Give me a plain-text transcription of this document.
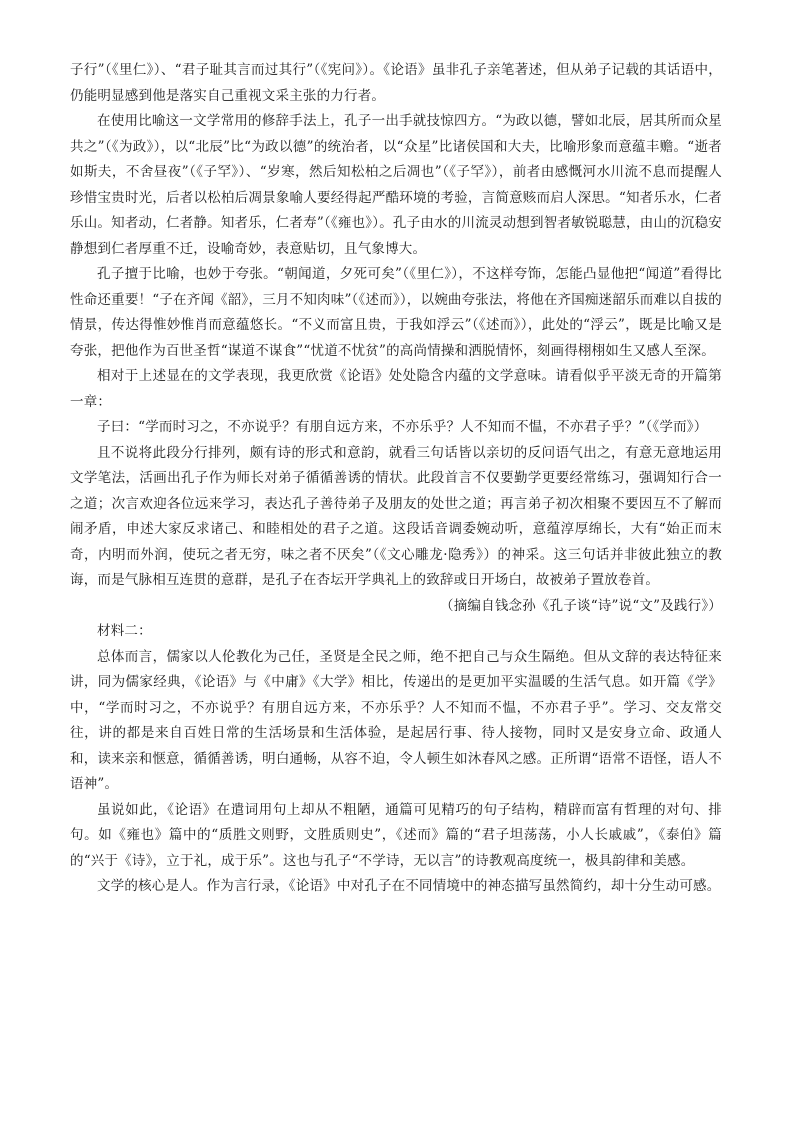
子行”（《里仁》）、“君子耻其言而过其行”（《宪问》）。《论语》虽非孔子亲笔著述，但从弟子记载的其话语中，仍能明显感到他是落实自己重视文采主张的力行者。

在使用比喻这一文学常用的修辞手法上，孔子一出手就技惊四方。“为政以德，譬如北辰，居其所而众星共之”（《为政》），以“北辰”比“为政以德”的统治者，以“众星”比诸侯国和大夫，比喻形象而意蕴丰赡。“逝者如斯夫，不舍昼夜”（《子罕》）、“岁寒，然后知松柏之后凋也”（《子罕》），前者由感慨河水川流不息而提醒人珍惜宝贵时光，后者以松柏后凋景象喻人要经得起严酷环境的考验，言简意赅而启人深思。“知者乐水，仁者乐山。知者动，仁者静。知者乐，仁者寿”（《雍也》）。孔子由水的川流灵动想到智者敏锐聪慧，由山的沉稳安静想到仁者厚重不迁，设喻奇妙，表意贴切，且气象博大。

孔子擅于比喻，也妙于夸张。“朝闻道，夕死可矣”（《里仁》），不这样夸饰，怎能凸显他把“闻道”看得比性命还重要！“子在齐闻《韶》，三月不知肉味”（《述而》），以婉曲夸张法，将他在齐国痴迷韶乐而难以自拔的情景，传达得惟妙惟肖而意蕴悠长。“不义而富且贵，于我如浮云”（《述而》），此处的“浮云”，既是比喻又是夸张，把他作为百世圣哲“谋道不谋食”“忧道不忧贫”的高尚情操和洒脱情怀，刻画得栩栩如生又感人至深。

相对于上述显在的文学表现，我更欣赏《论语》处处隐含内蕴的文学意味。请看似乎平淡无奇的开篇第一章：

子曰：“学而时习之，不亦说乎？有朋自远方来，不亦乐乎？人不知而不愠，不亦君子乎？”（《学而》）

且不说将此段分行排列，颇有诗的形式和意韵，就看三句话皆以亲切的反问语气出之，有意无意地运用文学笔法，活画出孔子作为师长对弟子循循善诱的情状。此段首言不仅要勤学更要经常练习，强调知行合一之道；次言欢迎各位远来学习，表达孔子善待弟子及朋友的处世之道；再言弟子初次相聚不要因互不了解而闹矛盾，申述大家反求诸己、和睦相处的君子之道。这段话音调委婉动听，意蕴淳厚绵长，大有“始正而末奇，内明而外润，使玩之者无穷，味之者不厌矣”（《文心雕龙·隐秀》）的神采。这三句话并非彼此独立的教诲，而是气脉相互连贯的意群，是孔子在杏坛开学典礼上的致辞或日开场白，故被弟子置放卷首。

（摘编自钱念孙《孔子谈“诗”说“文”及践行》）

材料二：

总体而言，儒家以人伦教化为己任，圣贤是全民之师，绝不把自己与众生隔绝。但从文辞的表达特征来讲，同为儒家经典，《论语》与《中庸》《大学》相比，传递出的是更加平实温暖的生活气息。如开篇《学》中，“学而时习之，不亦说乎？有朋自远方来，不亦乐乎？人不知而不愠，不亦君子乎”。学习、交友常交往，讲的都是来自百姓日常的生活场景和生活体验，是起居行事、待人接物，同时又是安身立命、政通人和，读来亲和惬意，循循善诱，明白通畅，从容不迫，令人顿生如沐春风之感。正所谓“语常不语怪，语人不语神”。

虽说如此，《论语》在遣词用句上却从不粗陋，通篇可见精巧的句子结构，精辟而富有哲理的对句、排句。如《雍也》篇中的“质胜文则野，文胜质则史”，《述而》篇的“君子坦荡荡，小人长戚戚”，《泰伯》篇的“兴于《诗》，立于礼，成于乐”。这也与孔子“不学诗，无以言”的诗教观高度统一，极具韵律和美感。

文学的核心是人。作为言行录，《论语》中对孔子在不同情境中的神态描写虽然简约，却十分生动可感。
